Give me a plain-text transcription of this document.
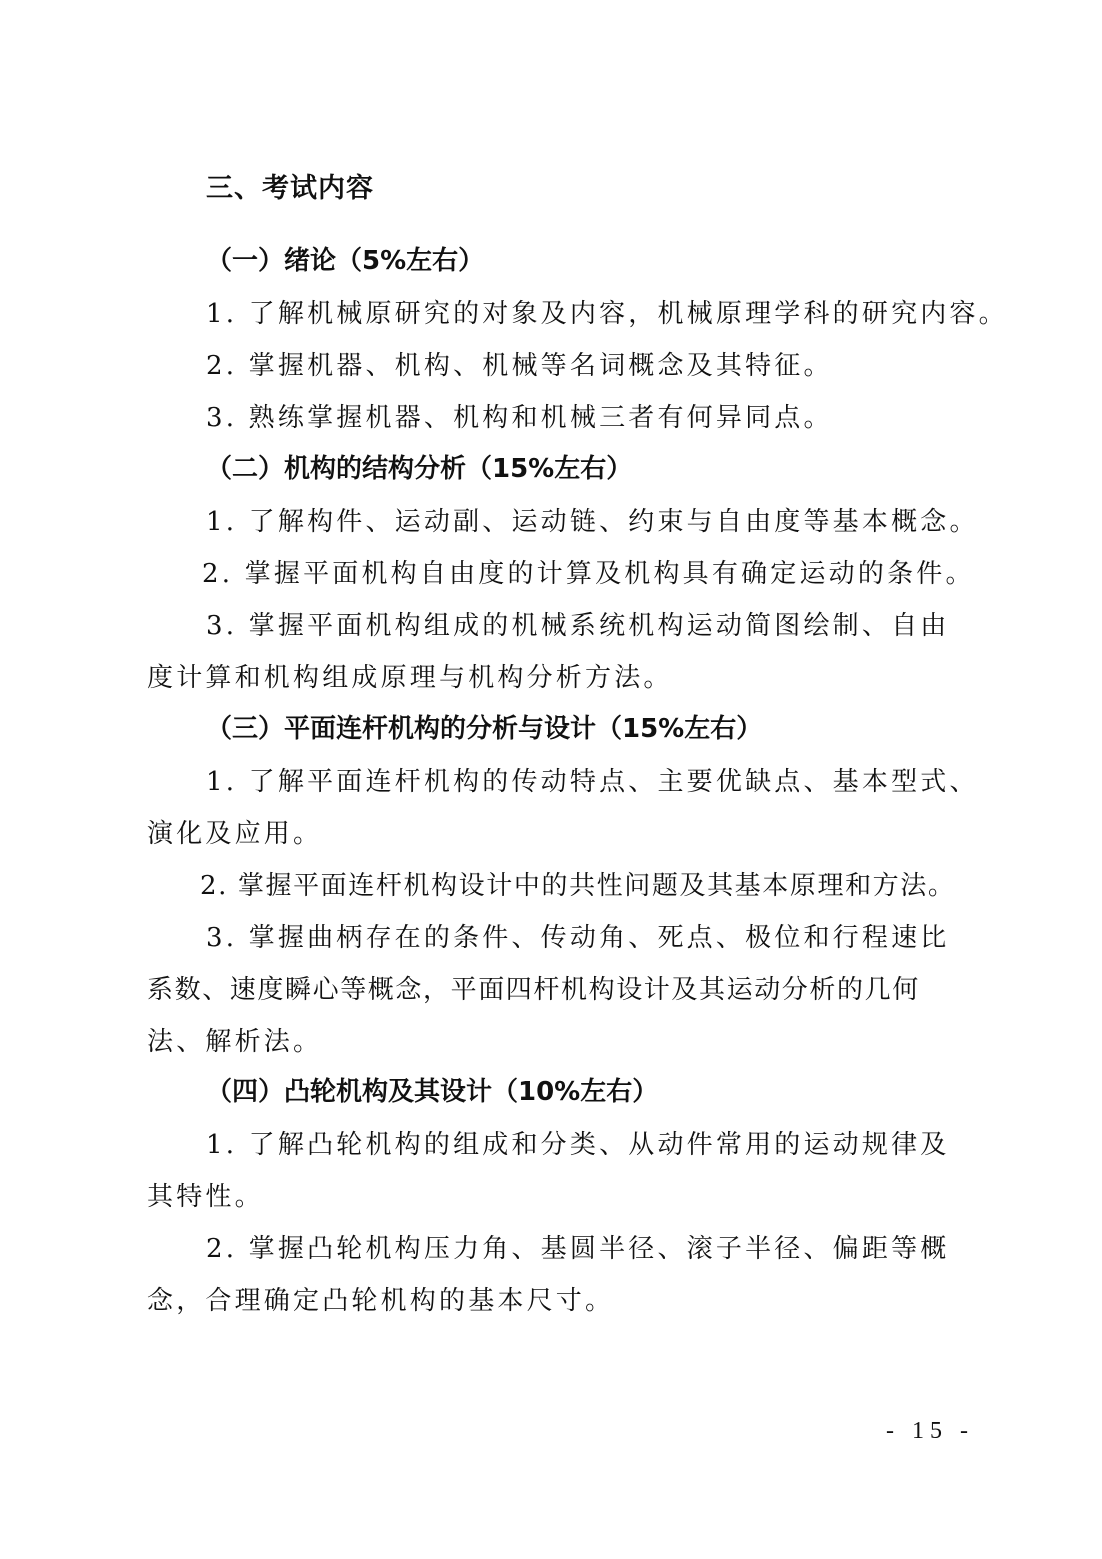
三、考试内容
（一）绪论（5%左右）
1. 了解机械原研究的对象及内容，机械原理学科的研究内容。
2. 掌握机器、机构、机械等名词概念及其特征。
3. 熟练掌握机器、机构和机械三者有何异同点。
（二）机构的结构分析（15%左右）
1. 了解构件、运动副、运动链、约束与自由度等基本概念。
2. 掌握平面机构自由度的计算及机构具有确定运动的条件。
3. 掌握平面机构组成的机械系统机构运动简图绘制、自由
度计算和机构组成原理与机构分析方法。
（三）平面连杆机构的分析与设计（15%左右）
1. 了解平面连杆机构的传动特点、主要优缺点、基本型式、
演化及应用。
2. 掌握平面连杆机构设计中的共性问题及其基本原理和方法。
3. 掌握曲柄存在的条件、传动角、死点、极位和行程速比
系数、速度瞬心等概念，平面四杆机构设计及其运动分析的几何
法、解析法。
（四）凸轮机构及其设计（10%左右）
1. 了解凸轮机构的组成和分类、从动件常用的运动规律及
其特性。
2. 掌握凸轮机构压力角、基圆半径、滚子半径、偏距等概
念，合理确定凸轮机构的基本尺寸。
- 15 -
